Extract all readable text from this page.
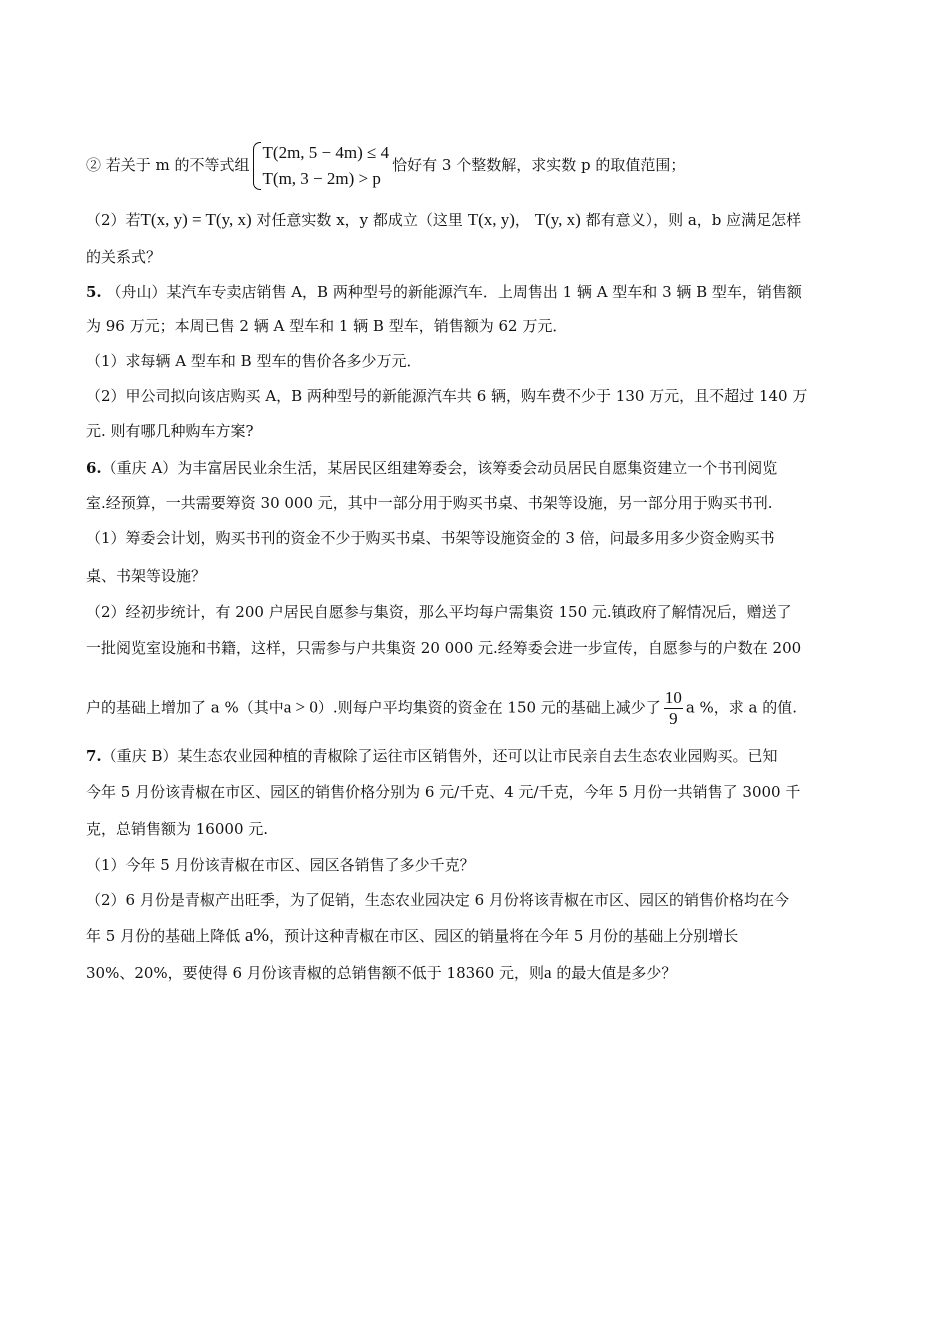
② 若关于 m 的不等式组
T(2m, 5 − 4m) ≤ 4
T(m, 3 − 2m) > p
恰好有 3 个整数解，求实数 p 的取值范围；
（2）若T(x, y) = T(y, x) 对任意实数 x，y 都成立（这里 T(x, y)， T(y, x) 都有意义），则 a，b 应满足怎样
的关系式？
5. （舟山）某汽车专卖店销售 A，B 两种型号的新能源汽车．上周售出 1 辆 A 型车和 3 辆 B 型车，销售额
为 96 万元；本周已售 2 辆 A 型车和 1 辆 B 型车，销售额为 62 万元．
（1）求每辆 A 型车和 B 型车的售价各多少万元．
（2）甲公司拟向该店购买 A，B 两种型号的新能源汽车共 6 辆，购车费不少于 130 万元，且不超过 140 万
元. 则有哪几种购车方案?
6.（重庆 A）为丰富居民业余生活，某居民区组建筹委会，该筹委会动员居民自愿集资建立一个书刊阅览
室.经预算，一共需要筹资 30 000 元，其中一部分用于购买书桌、书架等设施，另一部分用于购买书刊.
（1）筹委会计划，购买书刊的资金不少于购买书桌、书架等设施资金的 3 倍，问最多用多少资金购买书
桌、书架等设施？
（2）经初步统计，有 200 户居民自愿参与集资，那么平均每户需集资 150 元.镇政府了解情况后，赠送了
一批阅览室设施和书籍，这样，只需参与户共集资 20 000 元.经筹委会进一步宣传，自愿参与的户数在 200
户的基础上增加了 a %（其中a > 0）.则每户平均集资的资金在 150 元的基础上减少了 $\frac{10}{9}$ a %，求 a 的值.
7.（重庆 B）某生态农业园种植的青椒除了运往市区销售外，还可以让市民亲自去生态农业园购买。已知
今年 5 月份该青椒在市区、园区的销售价格分别为 6 元/千克、4 元/千克，今年 5 月份一共销售了 3000 千
克，总销售额为 16000 元.
（1）今年 5 月份该青椒在市区、园区各销售了多少千克？
（2）6 月份是青椒产出旺季，为了促销，生态农业园决定 6 月份将该青椒在市区、园区的销售价格均在今
年 5 月份的基础上降低 a%，预计这种青椒在市区、园区的销量将在今年 5 月份的基础上分别增长
30%、20%，要使得 6 月份该青椒的总销售额不低于 18360 元，则a 的最大值是多少？
